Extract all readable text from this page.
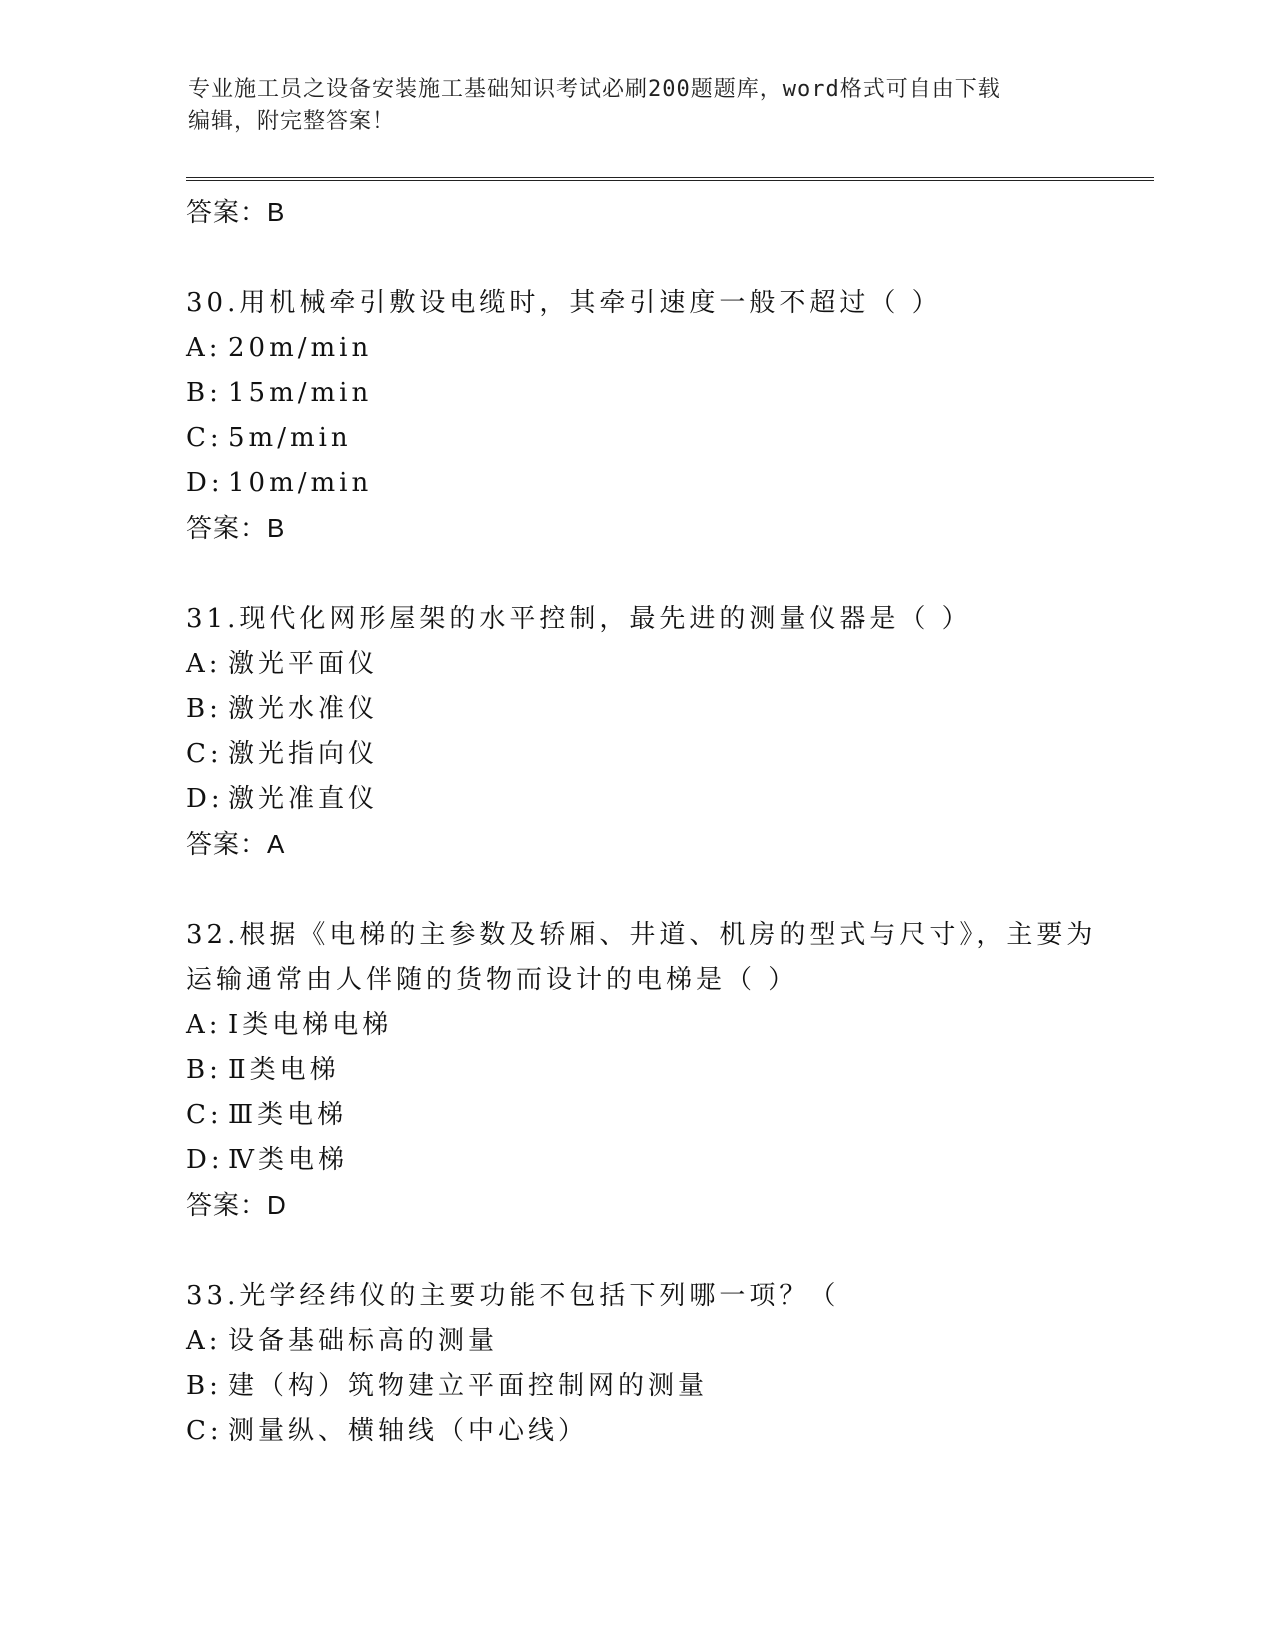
专业施工员之设备安装施工基础知识考试必刷200题题库，word格式可自由下载
编辑，附完整答案！
答案：B
30.用机械牵引敷设电缆时，其牵引速度一般不超过（ ）
A: 20m/min
B: 15m/min
C: 5m/min
D: 10m/min
答案：B
31.现代化网形屋架的水平控制，最先进的测量仪器是（ ）
A: 激光平面仪
B: 激光水准仪
C: 激光指向仪
D: 激光准直仪
答案：A
32.根据《电梯的主参数及轿厢、井道、机房的型式与尺寸》，主要为
运输通常由人伴随的货物而设计的电梯是（ ）
A: Ⅰ类电梯电梯
B: Ⅱ类电梯
C: Ⅲ类电梯
D: Ⅳ类电梯
答案：D
33.光学经纬仪的主要功能不包括下列哪一项？（
A: 设备基础标高的测量
B: 建（构）筑物建立平面控制网的测量
C: 测量纵、横轴线（中心线）
